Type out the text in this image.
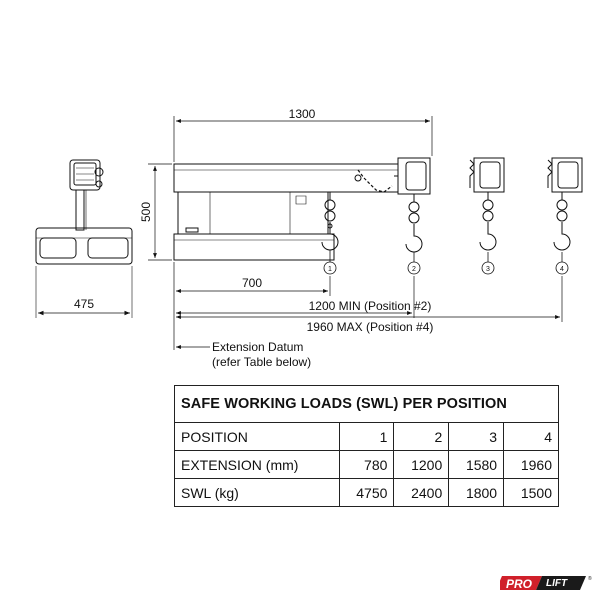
475
1	2	3	4
1300
500
700
1200 MIN (Position #2)
1960 MAX (Position #4)
Extension Datum
(refer Table below)
SAFE WORKING LOADS (SWL) PER POSITION				
POSITION	1	2	3	4
EXTENSION (mm)	780	1200	1580	1960
SWL (kg)	4750	2400	1800	1500
PRO LIFT
SOLUTIONS
®
